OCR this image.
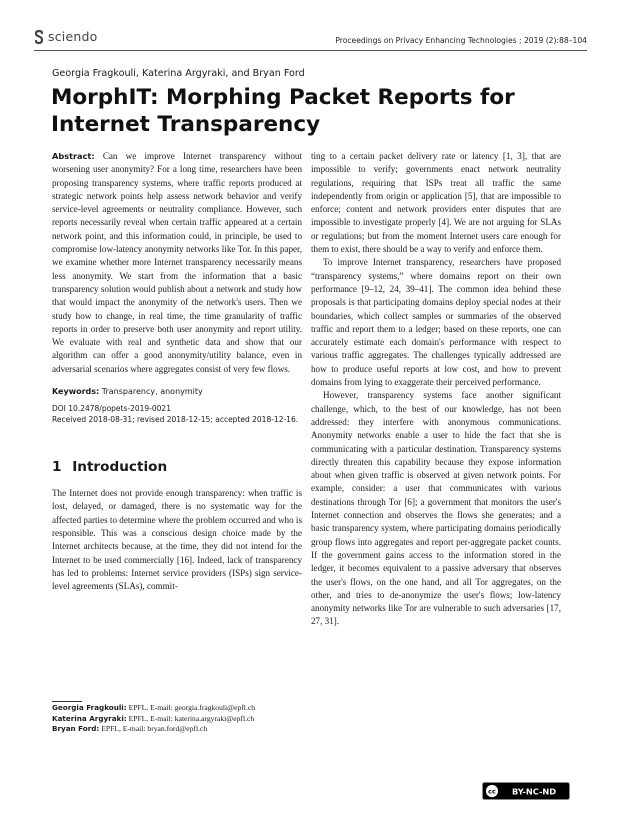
sciendo	Proceedings on Privacy Enhancing Technologies ; 2019 (2):88–104
Georgia Fragkouli, Katerina Argyraki, and Bryan Ford
MorphIT: Morphing Packet Reports for Internet Transparency

Abstract: Can we improve Internet transparency without worsening user anonymity? For a long time, researchers have been proposing transparency systems, where traffic reports produced at strategic network points help assess network behavior and verify service-level agreements or neutrality compliance. However, such reports necessarily reveal when certain traffic appeared at a certain network point, and this information could, in principle, be used to compromise low-latency anonymity networks like Tor. In this paper, we examine whether more Internet transparency necessarily means less anonymity. We start from the information that a basic transparency solution would publish about a network and study how that would impact the anonymity of the network's users. Then we study how to change, in real time, the time granularity of traffic reports in order to preserve both user anonymity and report utility. We evaluate with real and synthetic data and show that our algorithm can offer a good anonymity/utility balance, even in adversarial scenarios where aggregates consist of very few flows.

Keywords: Transparency, anonymity
DOI 10.2478/popets-2019-0021
Received 2018-08-31; revised 2018-12-15; accepted 2018-12-16.
1 Introduction

The Internet does not provide enough transparency: when traffic is lost, delayed, or damaged, there is no systematic way for the affected parties to determine where the problem occurred and who is responsible. This was a conscious design choice made by the Internet architects because, at the time, they did not intend for the Internet to be used commercially [16]. Indeed, lack of transparency has led to problems: Internet service providers (ISPs) sign service-level agreements (SLAs), commit-

ting to a certain packet delivery rate or latency [1, 3], that are impossible to verify; governments enact network neutrality regulations, requiring that ISPs treat all traffic the same independently from origin or application [5], that are impossible to enforce; content and network providers enter disputes that are impossible to investigate properly [4]. We are not arguing for SLAs or regulations; but from the moment Internet users care enough for them to exist, there should be a way to verify and enforce them.

To improve Internet transparency, researchers have proposed “transparency systems,” where domains report on their own performance [9–12, 24, 39–41]. The common idea behind these proposals is that participating domains deploy special nodes at their boundaries, which collect samples or summaries of the observed traffic and report them to a ledger; based on these reports, one can accurately estimate each domain's performance with respect to various traffic aggregates. The challenges typically addressed are how to produce useful reports at low cost, and how to prevent domains from lying to exaggerate their perceived performance.

However, transparency systems face another significant challenge, which, to the best of our knowledge, has not been addressed: they interfere with anonymous communications. Anonymity networks enable a user to hide the fact that she is communicating with a particular destination. Transparency systems directly threaten this capability because they expose information about when given traffic is observed at given network points. For example, consider: a user that communicates with various destinations through Tor [6]; a government that monitors the user's Internet connection and observes the flows she generates; and a basic transparency system, where participating domains periodically group flows into aggregates and report per-aggregate packet counts. If the government gains access to the information stored in the ledger, it becomes equivalent to a passive adversary that observes the user's flows, on the one hand, and all Tor aggregates, on the other, and tries to de-anonymize the user's flows; low-latency anonymity networks like Tor are vulnerable to such adversaries [17, 27, 31].

Georgia Fragkouli: EPFL, E-mail: georgia.fragkouli@epfl.ch
Katerina Argyraki: EPFL, E-mail: katerina.argyraki@epfl.ch
Bryan Ford: EPFL, E-mail: bryan.ford@epfl.ch
cc BY-NC-ND
